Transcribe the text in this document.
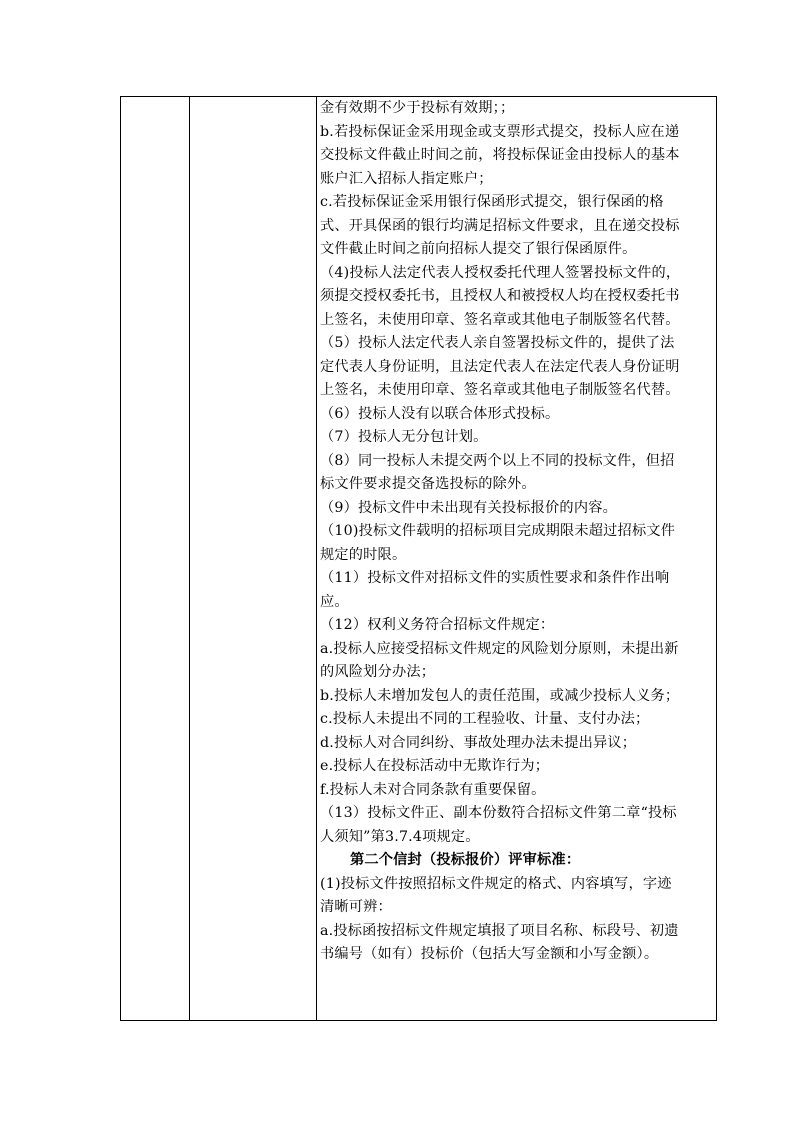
金有效期不少于投标有效期；；
b.若投标保证金采用现金或支票形式提交，投标人应在递
交投标文件截止时间之前，将投标保证金由投标人的基本
账户汇入招标人指定账户；
c.若投标保证金采用银行保函形式提交，银行保函的格
式、开具保函的银行均满足招标文件要求，且在递交投标
文件截止时间之前向招标人提交了银行保函原件。
（4)投标人法定代表人授权委托代理人签署投标文件的，
须提交授权委托书，且授权人和被授权人均在授权委托书
上签名，未使用印章、签名章或其他电子制版签名代替。
（5）投标人法定代表人亲自签署投标文件的，提供了法
定代表人身份证明，且法定代表人在法定代表人身份证明
上签名，未使用印章、签名章或其他电子制版签名代替。
（6）投标人没有以联合体形式投标。
（7）投标人无分包计划。
（8）同一投标人未提交两个以上不同的投标文件，但招
标文件要求提交备选投标的除外。
（9）投标文件中未出现有关投标报价的内容。
（10)投标文件载明的招标项目完成期限未超过招标文件
规定的时限。
（11）投标文件对招标文件的实质性要求和条件作出响
应。
（12）权利义务符合招标文件规定：
a.投标人应接受招标文件规定的风险划分原则，未提出新
的风险划分办法；
b.投标人未增加发包人的责任范围，或减少投标人义务；
c.投标人未提出不同的工程验收、计量、支付办法；
d.投标人对合同纠纷、事故处理办法未提出异议；
e.投标人在投标活动中无欺诈行为；
f.投标人未对合同条款有重要保留。
（13）投标文件正、副本份数符合招标文件第二章“投标
人须知”第3.7.4项规定。
第二个信封（投标报价）评审标准：
(1)投标文件按照招标文件规定的格式、内容填写，字迹
清晰可辨：
a.投标函按招标文件规定填报了项目名称、标段号、初遗
书编号（如有）投标价（包括大写金额和小写金额）。
